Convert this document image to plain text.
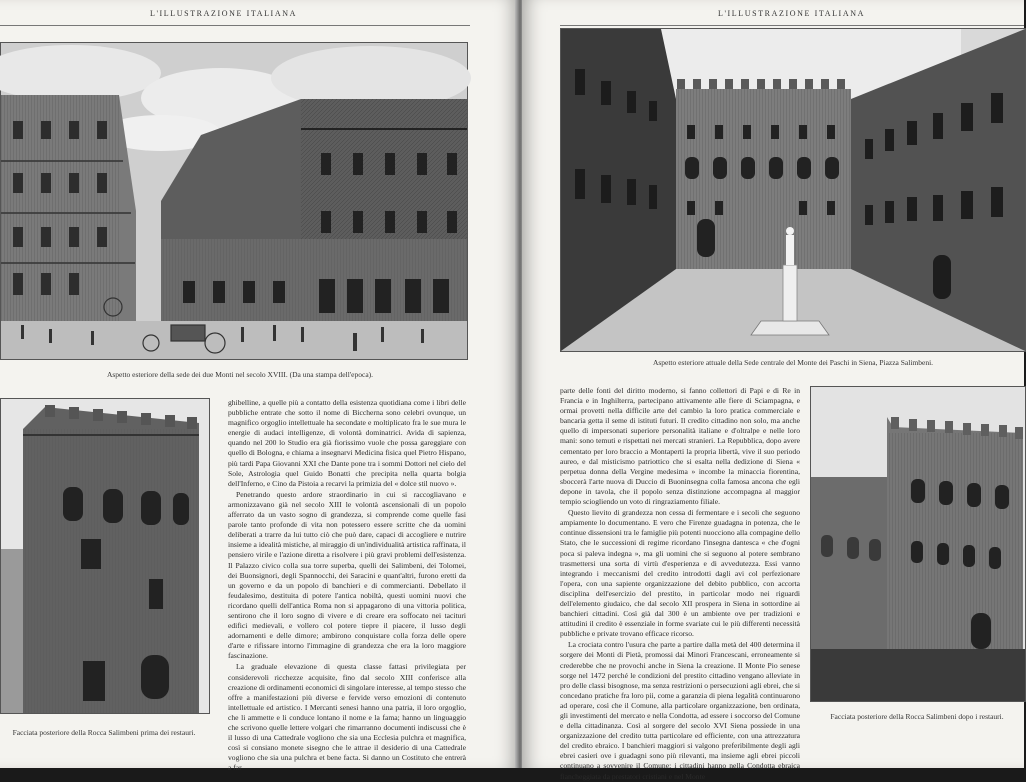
L'ILLUSTRAZIONE ITALIANA
Aspetto esteriore della sede dei due Monti nel secolo XVIII. (Da una stampa dell'epoca).
Facciata posteriore della Rocca Salimbeni prima dei restauri.

ghibelline, a quelle più a contatto della esistenza quotidiana come i libri delle pubbliche entrate che sotto il nome di Biccherna sono celebri ovunque, un magnifico orgoglio intellettuale ha secondate e moltiplicato fra le sue mura le energie di audaci intelligenze, di volontà dominatrici. Avida di sapienza, quando nel 200 lo Studio era già fiorissimo vuole che possa gareggiare con quello di Bologna, e chiama a insegnarvi Medicina fisica quel Pietro Hispano, più tardi Papa Giovanni XXI che Dante pone tra i sommi Dottori nel cielo del Sole, Astrologia quel Guido Bonatti che precipita nella quarta bolgia dell'Inferno, e Cino da Pistoia a recarvi la primizia del « dolce stil nuovo ».

Penetrando questo ardore straordinario in cui si raccogliavano e armonizzavano già nel secolo XIII le volontà ascensionali di un popolo afferrato da un vasto sogno di grandezza, si comprende come quelle fasi parole tanto profonde di vita non potessero essere scritte che da uomini deliberati a trarre da lui tutto ciò che può dare, capaci di accogliere e nutrire insieme a idealità mistiche, al miraggio di un'individualità artistica raffinata, il pensiero virile e l'azione diretta a risolvere i più gravi problemi dell'esistenza. Il Palazzo civico colla sua torre superba, quelli dei Salimbeni, dei Tolomei, dei Buonsignori, degli Spannocchi, dei Saracini e quant'altri, furono eretti da un governo e da un popolo di banchieri e di commercianti. Debellato il feudalesimo, destituita di potere l'antica nobiltà, questi uomini nuovi che ricordano quelli dell'antica Roma non si appagarono di una vittoria politica, sentirono che il loro sogno di vivere e di creare era soffocato nei tacituri edifici medievali, e vollero col potere tiepre il piacere, il lusso degli adornamenti e delle dimore; ambirono conquistare colla forza delle opere d'arte e rifissare intorno l'immagine di grandezza che era la loro maggiore fascinazione.

La graduale elevazione di questa classe fattasi privilegiata per considerevoli ricchezze acquisite, fino dal secolo XIII conferisce alla creazione di ordinamenti economici di singolare interesse, al tempo stesso che offre a manifestazioni più diverse e fervide verso emozioni di contenuto intellettuale ed artistico. I Mercanti senesi hanno una patria, il loro orgoglio, che li ammette e li conduce lontano il nome e la fama; hanno un linguaggio che scrivono quelle lettere volgari che rimarranno documenti indiscussi che è il lusso di una Cattedrale vogliono che sia una Ecclesia pulchra et magnifica, così si consiano monete sisegno che le attrae il desiderio di una Cattedrale vogliono che sia una pulchra et bene facta. Si danno un Costituto che entrerà a far

L'ILLUSTRAZIONE ITALIANA
Aspetto esteriore attuale della Sede centrale del Monte dei Paschi in Siena, Piazza Salimbeni.

parte delle fonti del diritto moderno, si fanno collettori di Papi e di Re in Francia e in Inghilterra, partecipano attivamente alle fiere di Sciampagna, e ormai provetti nella difficile arte del cambio la loro pratica commerciale e bancaria getta il seme di istituti futuri. Il credito cittadino non solo, ma anche quello di impersonati superiore personalità italiane e d'oltralpe e nelle loro mani: sono temuti e rispettati nei mercati stranieri. La Repubblica, dopo avere cementato per loro braccio a Montaperti la propria libertà, vive il suo periodo aureo, e dal misticismo patriottico che si esalta nella dedizione di Siena « perpetua donna della Vergine medesima » incombe la minaccia fiorentina, sboccerà l'arte nuova di Duccio di Buoninsegna colla famosa ancona che egli depone in tavola, che il popolo senza distinzione accompagna al maggior tempio sciogliendo un voto di ringraziamento filiale.

Questo lievito di grandezza non cessa di fermentare e i secoli che seguono ampiamente lo documentano. E vero che Firenze guadagna in potenza, che le continue dissensioni tra le famiglie più potenti nuocciono alla compagine dello Stato, che le successioni di regime ricordano l'insegna dantesca « che d'ogni poca si paleva indegna », ma gli uomini che si seguono al potere sembrano trasmettersi una sorta di virtù d'esperienza e di avvedutezza. Essi vanno integrando i meccanismi del credito introdotti dagli avi col perfezionare l'opera, con una sapiente organizzazione del debito pubblico, con accorta disciplina dell'esercizio del prestito, in particolar modo nei riguardi dell'elemento giudaico, che dal secolo XII prospera in Siena in sottordine ai banchieri cittadini. Così già dal 300 è un ambiente ove per tradizioni e attitudini il credito è essenziale in forme svariate cui le più differenti necessità pubbliche e private trovano efficace ricorso.

La crociata contro l'usura che parte a partire dalla metà del 400 determina il sorgere dei Monti di Pietà, promossi dai Minori Francescani, erroneamente si crederebbe che ne provochi anche in Siena la creazione. Il Monte Pio senese sorge nel 1472 perché le condizioni del prestito cittadino vengano alleviate in pro delle classi bisognose, ma senza restrizioni o persecuzioni agli ebrei, che si concedano pratiche fra loro pii, come a garanzia di piena legalità continuarono ad operare, così che il Comune, alla particolare organizzazione, ben ordinata, gli investimenti del mercato e nella Condotta, ad essere i soccorso del Comune e della cittadinanza. Così al sorgere del secolo XVI Siena possiede in una organizzazione del credito tutta particolare ed efficiente, con una attrezzatura del credito ebraico. I banchieri maggiori si valgono preferibilmente degli agli ebrei casieri ove i guadagni sono più rilevanti, ma insieme agli ebrei piccoli continuano a sovvenire il Comune: i cittadini hanno nella Condotta ebraica fiancheggiata da prestatori cristiani e nel Monte

Facciata posteriore della Rocca Salimbeni dopo i restauri.
